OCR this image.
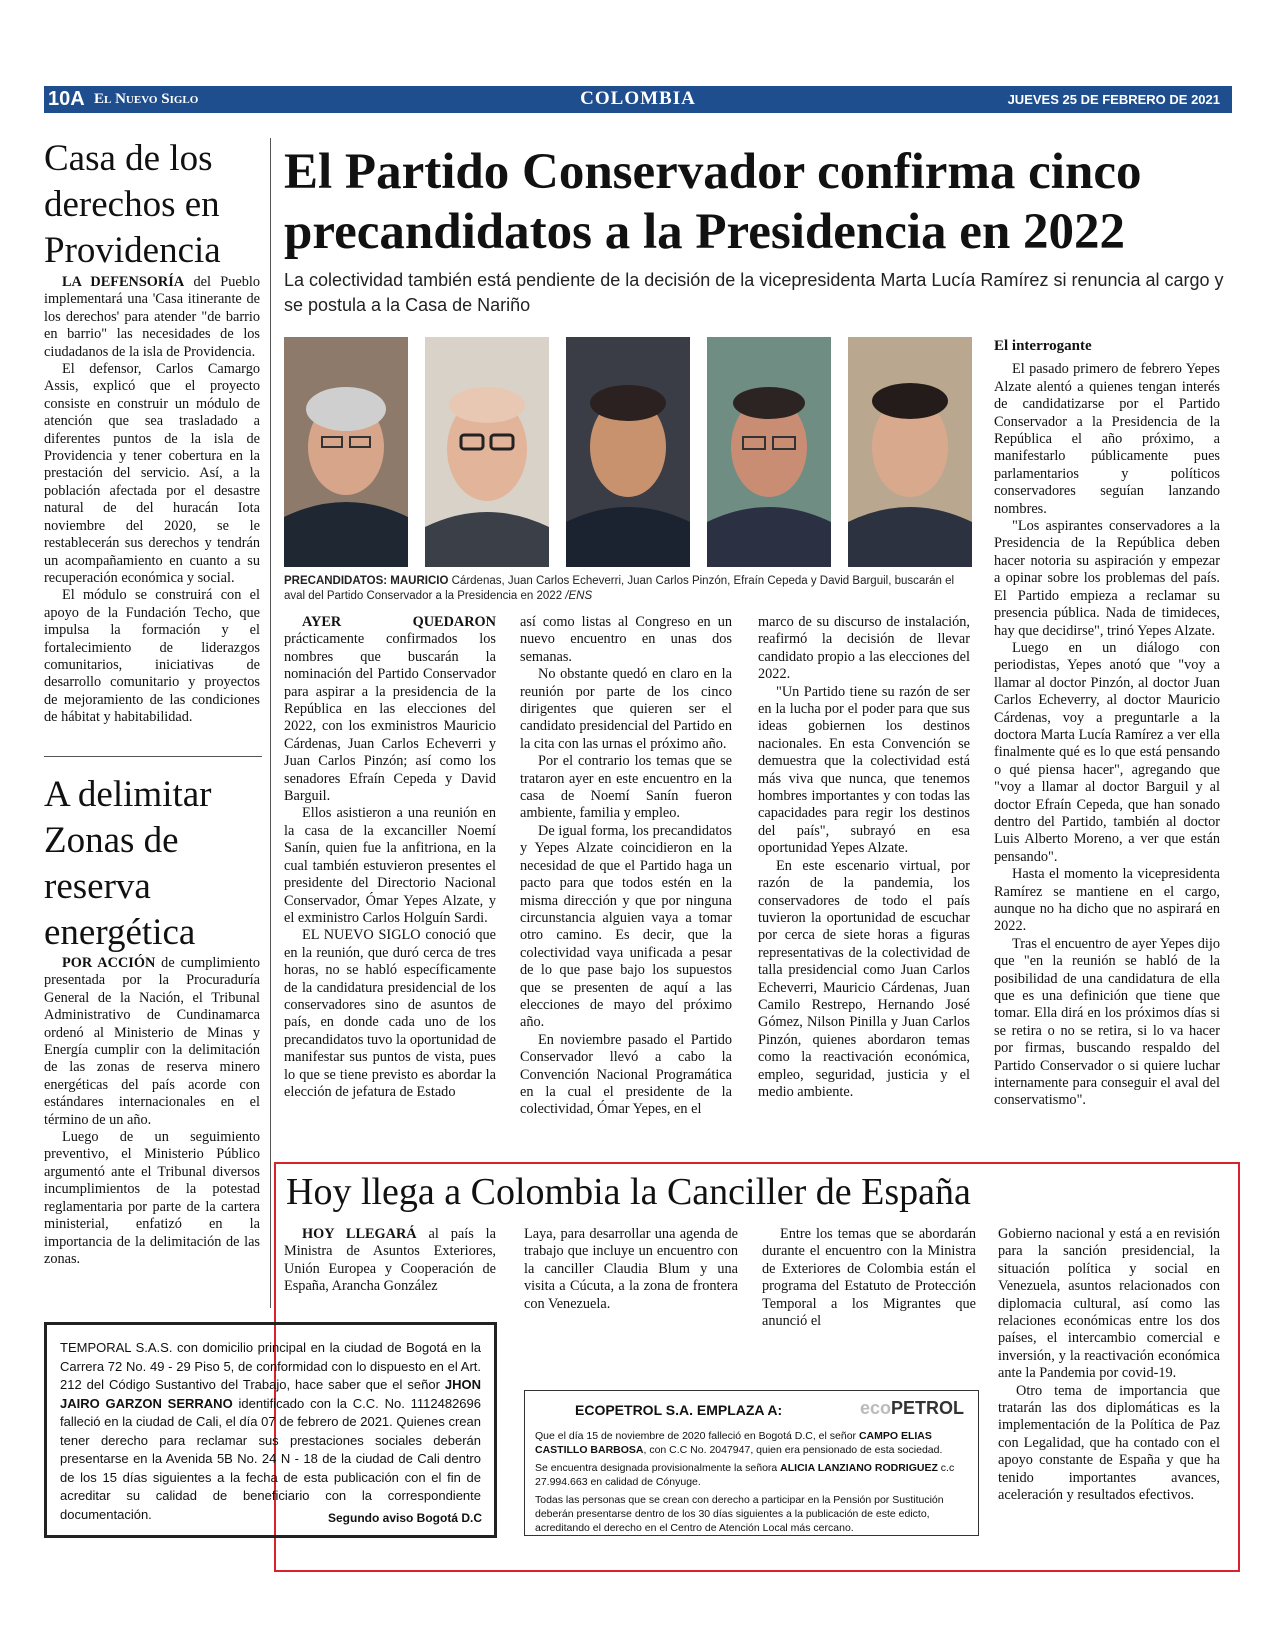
10A El Nuevo Siglo	COLOMBIA	JUEVES 25 DE FEBRERO DE 2021
Casa de los derechos en Providencia

LA DEFENSORÍA del Pueblo implementará una 'Casa itinerante de los derechos' para atender "de barrio en barrio" las necesidades de los ciudadanos de la isla de Providencia.

El defensor, Carlos Camargo Assis, explicó que el proyecto consiste en construir un módulo de atención que sea trasladado a diferentes puntos de la isla de Providencia y tener cobertura en la prestación del servicio. Así, a la población afectada por el desastre natural de del huracán Iota noviembre del 2020, se le restablecerán sus derechos y tendrán un acompañamiento en cuanto a su recuperación económica y social.

El módulo se construirá con el apoyo de la Fundación Techo, que impulsa la formación y el fortalecimiento de liderazgos comunitarios, iniciativas de desarrollo comunitario y proyectos de mejoramiento de las condiciones de hábitat y habitabilidad.

A delimitar Zonas de reserva energética

POR ACCIÓN de cumplimiento presentada por la Procuraduría General de la Nación, el Tribunal Administrativo de Cundinamarca ordenó al Ministerio de Minas y Energía cumplir con la delimitación de las zonas de reserva minero energéticas del país acorde con estándares internacionales en el término de un año.

Luego de un seguimiento preventivo, el Ministerio Público argumentó ante el Tribunal diversos incumplimientos de la potestad reglamentaria por parte de la cartera ministerial, enfatizó en la importancia de la delimitación de las zonas.

El Partido Conservador confirma cinco precandidatos a la Presidencia en 2022
La colectividad también está pendiente de la decisión de la vicepresidenta Marta Lucía Ramírez si renuncia al cargo y se postula a la Casa de Nariño
PRECANDIDATOS: MAURICIO Cárdenas, Juan Carlos Echeverri, Juan Carlos Pinzón, Efraín Cepeda y David Barguil, buscarán el aval del Partido Conservador a la Presidencia en 2022 /ENS

AYER QUEDARON prácticamente confirmados los nombres que buscarán la nominación del Partido Conservador para aspirar a la presidencia de la República en las elecciones del 2022, con los exministros Mauricio Cárdenas, Juan Carlos Echeverri y Juan Carlos Pinzón; así como los senadores Efraín Cepeda y David Barguil.

Ellos asistieron a una reunión en la casa de la excanciller Noemí Sanín, quien fue la anfitriona, en la cual también estuvieron presentes el presidente del Directorio Nacional Conservador, Ómar Yepes Alzate, y el exministro Carlos Holguín Sardi.

EL NUEVO SIGLO conoció que en la reunión, que duró cerca de tres horas, no se habló específicamente de la candidatura presidencial de los conservadores sino de asuntos de país, en donde cada uno de los precandidatos tuvo la oportunidad de manifestar sus puntos de vista, pues lo que se tiene previsto es abordar la elección de jefatura de Estado

así como listas al Congreso en un nuevo encuentro en unas dos semanas.

No obstante quedó en claro en la reunión por parte de los cinco dirigentes que quieren ser el candidato presidencial del Partido en la cita con las urnas el próximo año.

Por el contrario los temas que se trataron ayer en este encuentro en la casa de Noemí Sanín fueron ambiente, familia y empleo.

De igual forma, los precandidatos y Yepes Alzate coincidieron en la necesidad de que el Partido haga un pacto para que todos estén en la misma dirección y que por ninguna circunstancia alguien vaya a tomar otro camino. Es decir, que la colectividad vaya unificada a pesar de lo que pase bajo los supuestos que se presenten de aquí a las elecciones de mayo del próximo año.

En noviembre pasado el Partido Conservador llevó a cabo la Convención Nacional Programática en la cual el presidente de la colectividad, Ómar Yepes, en el

marco de su discurso de instalación, reafirmó la decisión de llevar candidato propio a las elecciones del 2022.

"Un Partido tiene su razón de ser en la lucha por el poder para que sus ideas gobiernen los destinos nacionales. En esta Convención se demuestra que la colectividad está más viva que nunca, que tenemos hombres importantes y con todas las capacidades para regir los destinos del país", subrayó en esa oportunidad Yepes Alzate.

En este escenario virtual, por razón de la pandemia, los conservadores de todo el país tuvieron la oportunidad de escuchar por cerca de siete horas a figuras representativas de la colectividad de talla presidencial como Juan Carlos Echeverri, Mauricio Cárdenas, Juan Camilo Restrepo, Hernando José Gómez, Nilson Pinilla y Juan Carlos Pinzón, quienes abordaron temas como la reactivación económica, empleo, seguridad, justicia y el medio ambiente.

El interrogante

El pasado primero de febrero Yepes Alzate alentó a quienes tengan interés de candidatizarse por el Partido Conservador a la Presidencia de la República el año próximo, a manifestarlo públicamente pues parlamentarios y políticos conservadores seguían lanzando nombres.

"Los aspirantes conservadores a la Presidencia de la República deben hacer notoria su aspiración y empezar a opinar sobre los problemas del país. El Partido empieza a reclamar su presencia pública. Nada de timideces, hay que decidirse", trinó Yepes Alzate.

Luego en un diálogo con periodistas, Yepes anotó que "voy a llamar al doctor Pinzón, al doctor Juan Carlos Echeverry, al doctor Mauricio Cárdenas, voy a preguntarle a la doctora Marta Lucía Ramírez a ver ella finalmente qué es lo que está pensando o qué piensa hacer", agregando que "voy a llamar al doctor Barguil y al doctor Efraín Cepeda, que han sonado dentro del Partido, también al doctor Luis Alberto Moreno, a ver que están pensando".

Hasta el momento la vicepresidenta Ramírez se mantiene en el cargo, aunque no ha dicho que no aspirará en 2022.

Tras el encuentro de ayer Yepes dijo que "en la reunión se habló de la posibilidad de una candidatura de ella que es una definición que tiene que tomar. Ella dirá en los próximos días si se retira o no se retira, si lo va hacer por firmas, buscando respaldo del Partido Conservador o si quiere luchar internamente para conseguir el aval del conservatismo".

Hoy llega a Colombia la Canciller de España

HOY LLEGARÁ al país la Ministra de Asuntos Exteriores, Unión Europea y Cooperación de España, Arancha González

Laya, para desarrollar una agenda de trabajo que incluye un encuentro con la canciller Claudia Blum y una visita a Cúcuta, a la zona de frontera con Venezuela.

Entre los temas que se abordarán durante el encuentro con la Ministra de Exteriores de Colombia están el programa del Estatuto de Protección Temporal a los Migrantes que anunció el

Gobierno nacional y está a en revisión para la sanción presidencial, la situación política y social en Venezuela, asuntos relacionados con diplomacia cultural, así como las relaciones económicas entre los dos países, el intercambio comercial e inversión, y la reactivación económica ante la Pandemia por covid-19.

Otro tema de importancia que tratarán las dos diplomáticas es la implementación de la Política de Paz con Legalidad, que ha contado con el apoyo constante de España y que ha tenido importantes avances, aceleración y resultados efectivos.

TEMPORAL S.A.S. con domicilio principal en la ciudad de Bogotá en la Carrera 72 No. 49 - 29 Piso 5, de conformidad con lo dispuesto en el Art. 212 del Código Sustantivo del Trabajo, hace saber que el señor JHON JAIRO GARZON SERRANO identificado con la C.C. No. 1112482696 falleció en la ciudad de Cali, el día 07 de febrero de 2021. Quienes crean tener derecho para reclamar sus prestaciones sociales deberán presentarse en la Avenida 5B No. 24 N - 18 de la ciudad de Cali dentro de los 15 días siguientes a la fecha de esta publicación con el fin de acreditar su calidad de beneficiario con la correspondiente documentación.	Segundo aviso Bogotá D.C
ECOPETROL S.A. EMPLAZA A:	ecoPETROL

Que el día 15 de noviembre de 2020 falleció en Bogotá D.C, el señor CAMPO ELIAS CASTILLO BARBOSA, con C.C No. 2047947, quien era pensionado de esta sociedad.

Se encuentra designada provisionalmente la señora ALICIA LANZIANO RODRIGUEZ c.c 27.994.663 en calidad de Cónyuge.

Todas las personas que se crean con derecho a participar en la Pensión por Sustitución deberán presentarse dentro de los 30 días siguientes a la publicación de este edicto, acreditando el derecho en el Centro de Atención Local más cercano.
